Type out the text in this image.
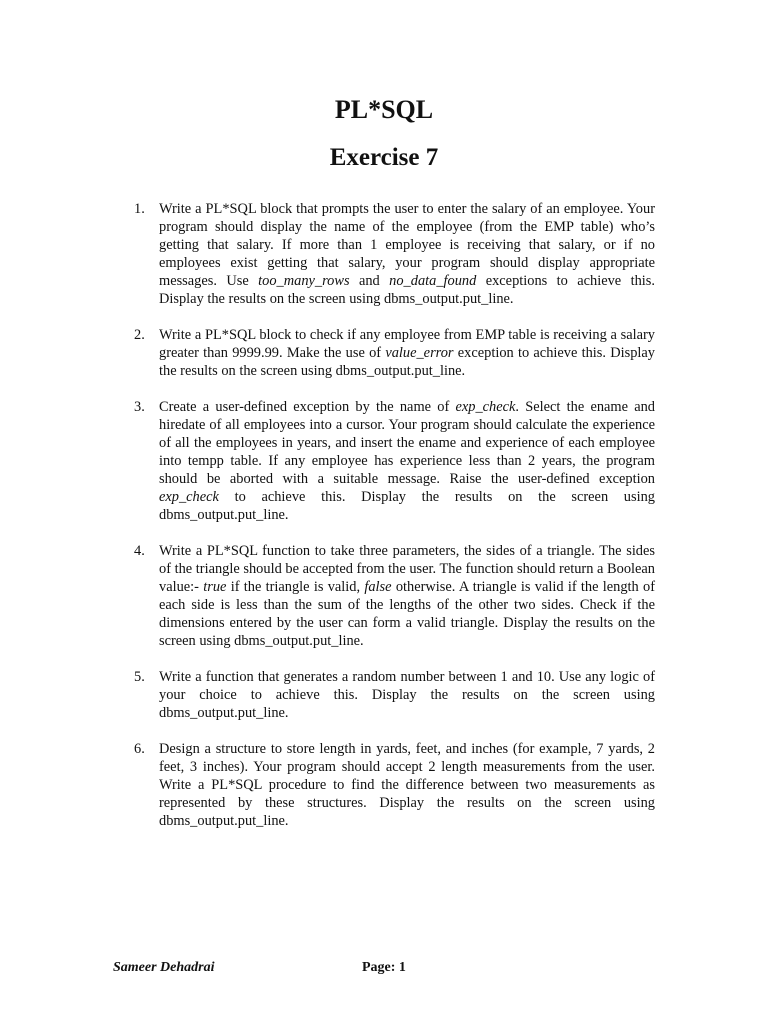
PL*SQL
Exercise 7
1. Write a PL*SQL block that prompts the user to enter the salary of an employee. Your program should display the name of the employee (from the EMP table) who’s getting that salary. If more than 1 employee is receiving that salary, or if no employees exist getting that salary, your program should display appropriate messages. Use too_many_rows and no_data_found exceptions to achieve this. Display the results on the screen using dbms_output.put_line.
2. Write a PL*SQL block to check if any employee from EMP table is receiving a salary greater than 9999.99. Make the use of value_error exception to achieve this. Display the results on the screen using dbms_output.put_line.
3. Create a user-defined exception by the name of exp_check. Select the ename and hiredate of all employees into a cursor. Your program should calculate the experience of all the employees in years, and insert the ename and experience of each employee into tempp table. If any employee has experience less than 2 years, the program should be aborted with a suitable message. Raise the user-defined exception exp_check to achieve this. Display the results on the screen using dbms_output.put_line.
4. Write a PL*SQL function to take three parameters, the sides of a triangle. The sides of the triangle should be accepted from the user. The function should return a Boolean value:- true if the triangle is valid, false otherwise. A triangle is valid if the length of each side is less than the sum of the lengths of the other two sides. Check if the dimensions entered by the user can form a valid triangle. Display the results on the screen using dbms_output.put_line.
5. Write a function that generates a random number between 1 and 10. Use any logic of your choice to achieve this. Display the results on the screen using dbms_output.put_line.
6. Design a structure to store length in yards, feet, and inches (for example, 7 yards, 2 feet, 3 inches). Your program should accept 2 length measurements from the user. Write a PL*SQL procedure to find the difference between two measurements as represented by these structures. Display the results on the screen using dbms_output.put_line.
Sameer Dehadrai	Page: 1
